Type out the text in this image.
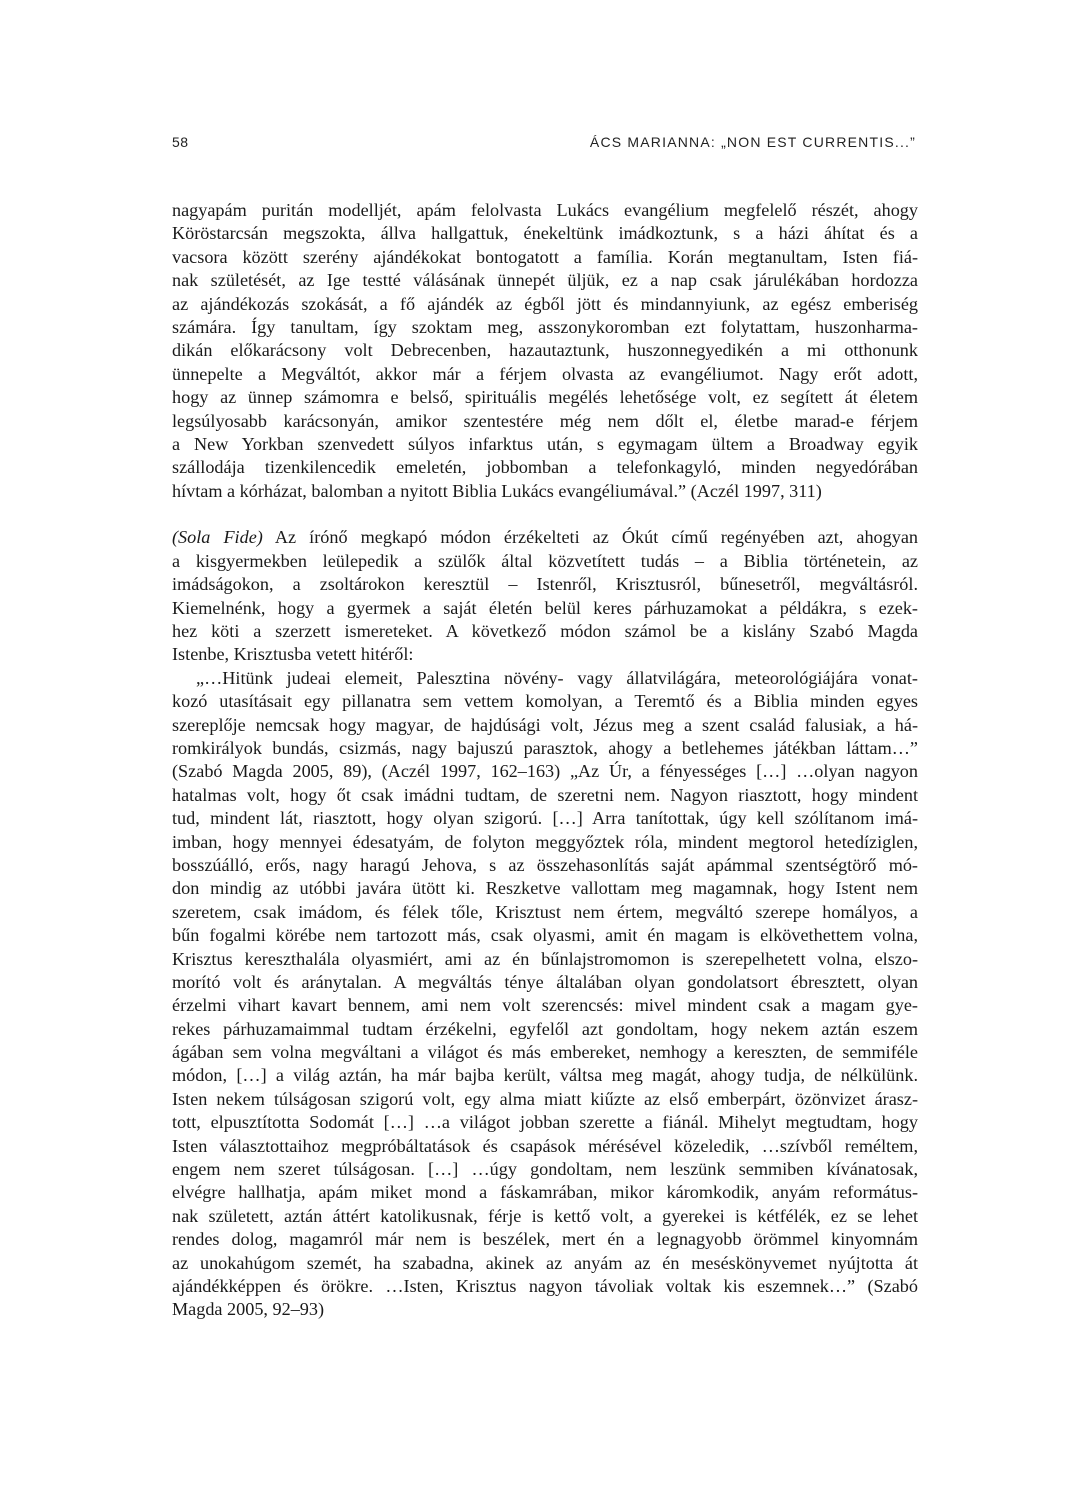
58	ÁCS MARIANNA: „NON EST CURRENTIS...”
nagyapám puritán modelljét, apám felolvasta Lukács evangélium megfelelő részét, ahogy
Köröstarcsán megszokta, állva hallgattuk, énekeltünk imádkoztunk, s a házi áhítat és a
vacsora között szerény ajándékokat bontogatott a família. Korán megtanultam, Isten fiá-
nak születését, az Ige testté válásának ünnepét üljük, ez a nap csak járulékában hordozza
az ajándékozás szokását, a fő ajándék az égből jött és mindannyiunk, az egész emberiség
számára. Így tanultam, így szoktam meg, asszonykoromban ezt folytattam, huszonharma-
dikán előkarácsony volt Debrecenben, hazautaztunk, huszonnegyedikén a mi otthonunk
ünnepelte a Megváltót, akkor már a férjem olvasta az evangéliumot. Nagy erőt adott,
hogy az ünnep számomra e belső, spirituális megélés lehetősége volt, ez segített át életem
legsúlyosabb karácsonyán, amikor szentestére még nem dőlt el, életbe marad-e férjem
a New Yorkban szenvedett súlyos infarktus után, s egymagam ültem a Broadway egyik
szállodája tizenkilencedik emeletén, jobbomban a telefonkagyló, minden negyedórában
hívtam a kórházat, balomban a nyitott Biblia Lukács evangéliumával.” (Aczél 1997, 311)
(Sola Fide) Az írónő megkapó módon érzékelteti az Ókút című regényében azt, ahogyan
a kisgyermekben leülepedik a szülők által közvetített tudás – a Biblia történetein, az
imádságokon, a zsoltárokon keresztül – Istenről, Krisztusról, bűnesetről, megváltásról.
Kiemelnénk, hogy a gyermek a saját életén belül keres párhuzamokat a példákra, s ezek-
hez köti a szerzett ismereteket. A következő módon számol be a kislány Szabó Magda
Istenbe, Krisztusba vetett hitéről:
„…Hitünk judeai elemeit, Palesztina növény- vagy állatvilágára, meteorológiájára vonat-
kozó utasításait egy pillanatra sem vettem komolyan, a Teremtő és a Biblia minden egyes
szereplője nemcsak hogy magyar, de hajdúsági volt, Jézus meg a szent család falusiak, a há-
romkirályok bundás, csizmás, nagy bajuszú parasztok, ahogy a betlehemes játékban láttam…”
(Szabó Magda 2005, 89), (Aczél 1997, 162–163) „Az Úr, a fényességes […] …olyan nagyon
hatalmas volt, hogy őt csak imádni tudtam, de szeretni nem. Nagyon riasztott, hogy mindent
tud, mindent lát, riasztott, hogy olyan szigorú. […] Arra tanítottak, úgy kell szólítanom imá-
imban, hogy mennyei édesatyám, de folyton meggyőztek róla, mindent megtorol hetedíziglen,
bosszúálló, erős, nagy haragú Jehova, s az összehasonlítás saját apámmal szentségtörő mó-
don mindig az utóbbi javára ütött ki. Reszketve vallottam meg magamnak, hogy Istent nem
szeretem, csak imádom, és félek tőle, Krisztust nem értem, megváltó szerepe homályos, a
bűn fogalmi körébe nem tartozott más, csak olyasmi, amit én magam is elkövethettem volna,
Krisztus kereszthalála olyasmiért, ami az én bűnlajstromomon is szerepelhetett volna, elszo-
morító volt és aránytalan. A megváltás ténye általában olyan gondolatsort ébresztett, olyan
érzelmi vihart kavart bennem, ami nem volt szerencsés: mivel mindent csak a magam gye-
rekes párhuzamaimmal tudtam érzékelni, egyfelől azt gondoltam, hogy nekem aztán eszem
ágában sem volna megváltani a világot és más embereket, nemhogy a kereszten, de semmiféle
módon, […] a világ aztán, ha már bajba került, váltsa meg magát, ahogy tudja, de nélkülünk.
Isten nekem túlságosan szigorú volt, egy alma miatt kiűzte az első emberpárt, özönvizet árasz-
tott, elpusztította Sodomát […] …a világot jobban szerette a fiánál. Mihelyt megtudtam, hogy
Isten választottaihoz megpróbáltatások és csapások mérésével közeledik, …szívből reméltem,
engem nem szeret túlságosan. […] …úgy gondoltam, nem leszünk semmiben kívánatosak,
elvégre hallhatja, apám miket mond a fáskamrában, mikor káromkodik, anyám református-
nak született, aztán áttért katolikusnak, férje is kettő volt, a gyerekei is kétfélék, ez se lehet
rendes dolog, magamról már nem is beszélek, mert én a legnagyobb örömmel kinyomnám
az unokahúgom szemét, ha szabadna, akinek az anyám az én meséskönyvemet nyújtotta át
ajándékképpen és örökre. …Isten, Krisztus nagyon távoliak voltak kis eszemnek…” (Szabó
Magda 2005, 92–93)
